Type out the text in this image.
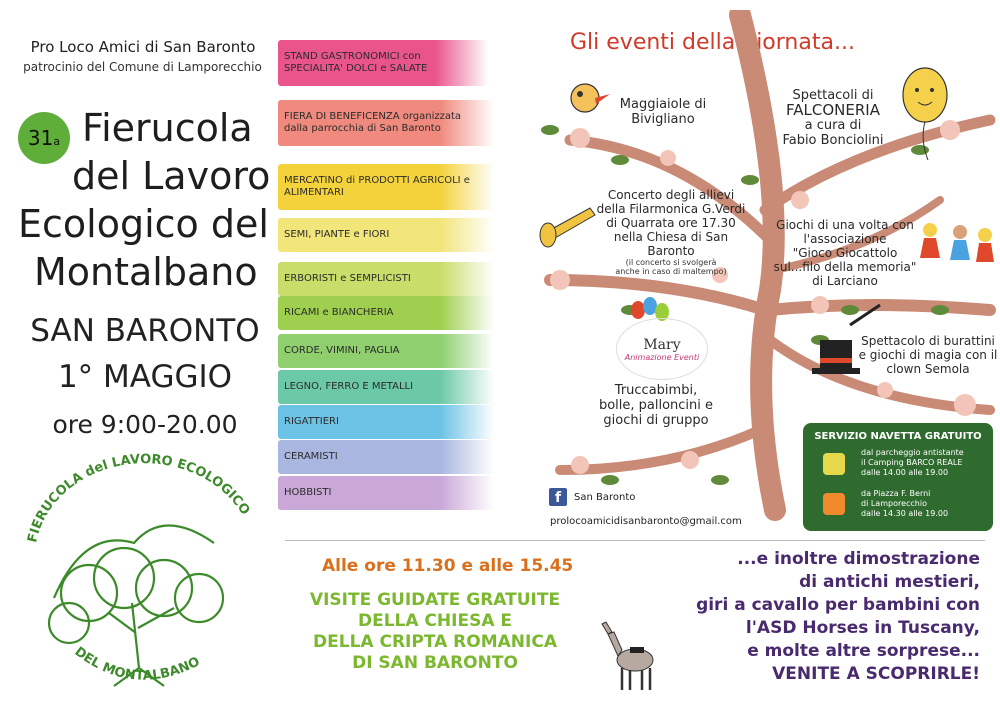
Pro Loco Amici di San Baronto
patrocinio del Comune di Lamporecchio
Fierucola
del Lavoro
Ecologico del
Montalbano
31a
SAN BARONTO
1° MAGGIO
ore 9:00-20.00
FIERUCOLA del LAVORO ECOLOGICO
DEL MONTALBANO
STAND GASTRONOMICI con SPECIALITA' DOLCI e SALATE
FIERA DI BENEFICENZA organizzata dalla parrocchia di San Baronto
MERCATINO di PRODOTTI AGRICOLI e ALIMENTARI
SEMI, PIANTE e FIORI
ERBORISTI e SEMPLICISTI
RICAMI e BIANCHERIA
CORDE, VIMINI, PAGLIA
LEGNO, FERRO E METALLI
RIGATTIERI
CERAMISTI
HOBBISTI
Gli eventi della giornata...
Maggiaiole di Bivigliano
Spettacoli di
FALCONERIA
a cura di
Fabio Bonciolini
Concerto degli allievi
della Filarmonica G.Verdi
di Quarrata ore 17.30
nella Chiesa di San Baronto
(il concerto si svolgerà
anche in caso di maltempo)
Giochi di una volta con
l'associazione
"Gioco Giocattolo
sul...filo della memoria"
di Larciano
Mary
Animazione Eventi
Truccabimbi,
bolle, palloncini e
giochi di gruppo
Spettacolo di burattini
e giochi di magia con il
clown Semola
SERVIZIO NAVETTA GRATUITO
dal parcheggio antistante
il Camping BARCO REALE
dalle 14.00 alle 19.00
da Piazza F. Berni
di Lamporecchio
dalle 14.30 alle 19.00
f	San Baronto
prolocoamicidisanbaronto@gmail.com
Alle ore 11.30 e alle 15.45
VISITE GUIDATE GRATUITE
DELLA CHIESA E
DELLA CRIPTA ROMANICA
DI SAN BARONTO
...e inoltre dimostrazione
di antichi mestieri,
giri a cavallo per bambini con
l'ASD Horses in Tuscany,
e molte altre sorprese...
VENITE A SCOPRIRLE!
